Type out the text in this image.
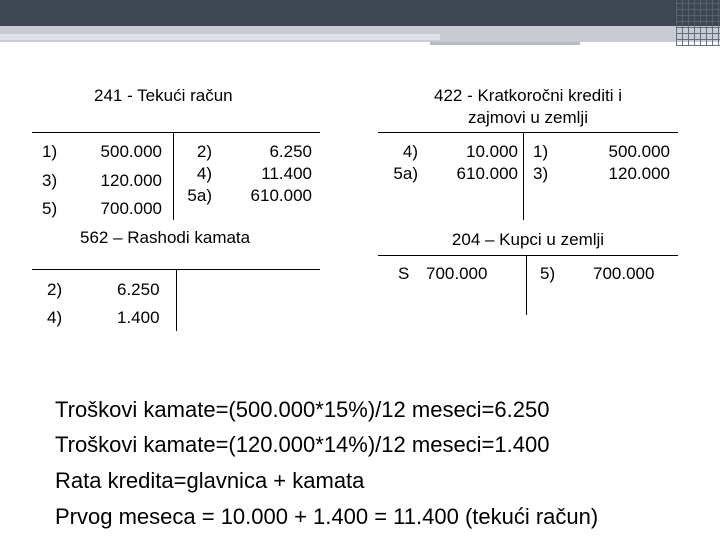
241 - Tekući račun
1)
3)
5)
500.000
120.000
700.000
2)
4)
5a)
6.250
11.400
610.000
562 – Rashodi kamata
2)
4)
6.250
1.400
422 - Kratkoročni krediti i
zajmovi u zemlji
4)
5a)
10.000
610.000
1)
3)
500.000
120.000
204 – Kupci u zemlji
S 700.000	5) 700.000
Troškovi kamate=(500.000*15%)/12 meseci=6.250
Troškovi kamate=(120.000*14%)/12 meseci=1.400
Rata kredita=glavnica + kamata
Prvog meseca = 10.000 + 1.400 = 11.400 (tekući račun)
